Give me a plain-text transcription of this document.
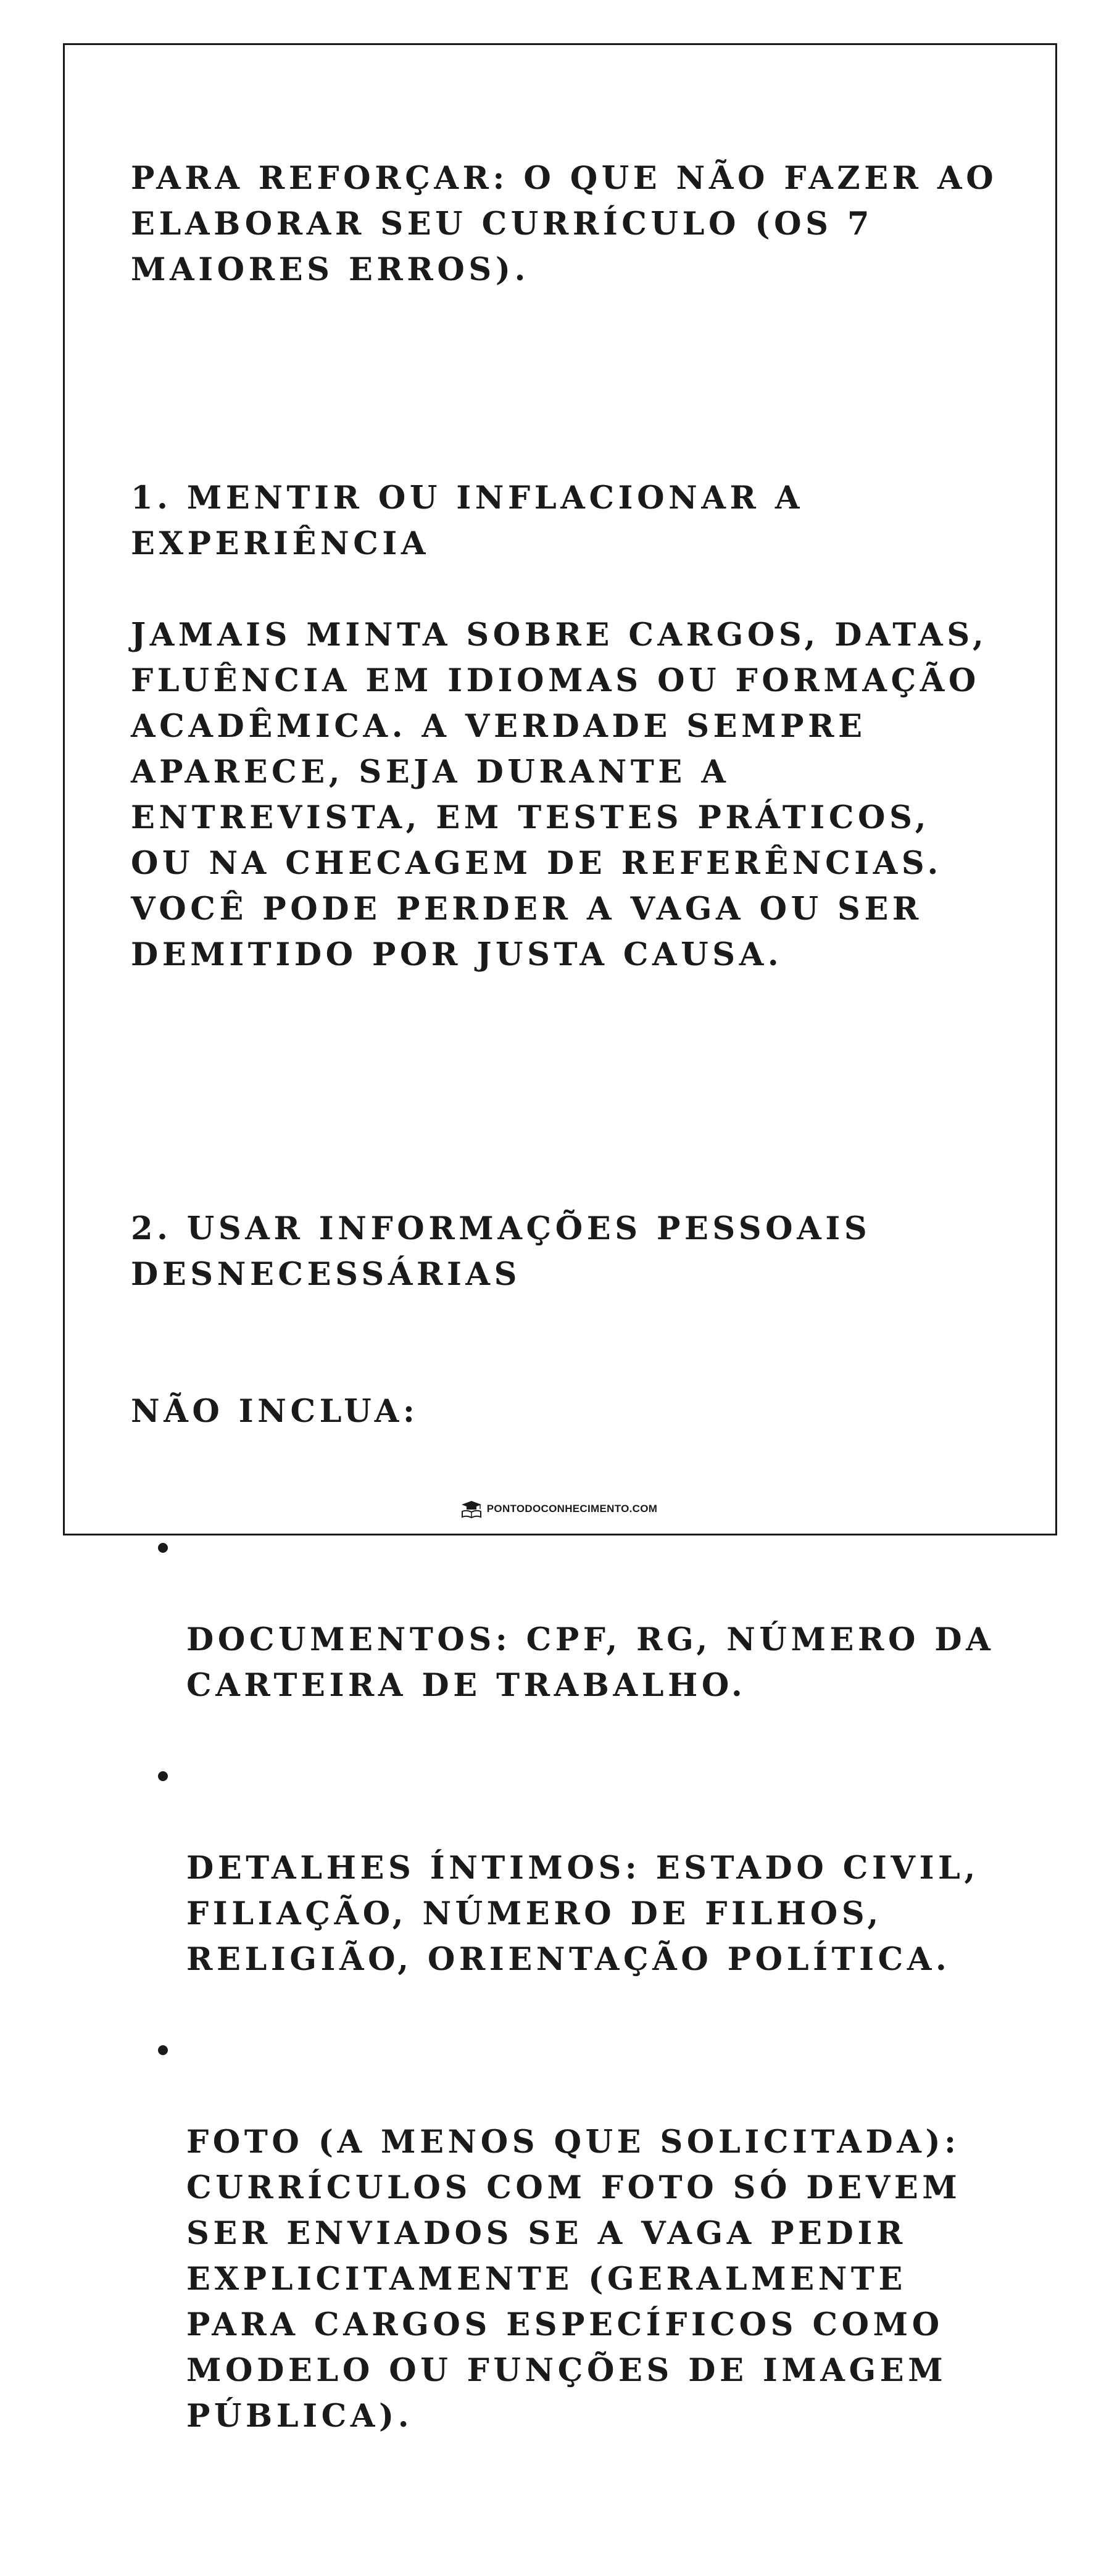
PARA REFORÇAR: O QUE NÃO FAZER AO ELABORAR SEU CURRÍCULO (OS 7 MAIORES ERROS).

1. MENTIR OU INFLACIONAR A EXPERIÊNCIA

JAMAIS MINTA SOBRE CARGOS, DATAS, FLUÊNCIA EM IDIOMAS OU FORMAÇÃO ACADÊMICA. A VERDADE SEMPRE APARECE, SEJA DURANTE A ENTREVISTA, EM TESTES PRÁTICOS, OU NA CHECAGEM DE REFERÊNCIAS. VOCÊ PODE PERDER A VAGA OU SER DEMITIDO POR JUSTA CAUSA.

2. USAR INFORMAÇÕES PESSOAIS DESNECESSÁRIAS

NÃO INCLUA:

DOCUMENTOS: CPF, RG, NÚMERO DA CARTEIRA DE TRABALHO.

DETALHES ÍNTIMOS: ESTADO CIVIL, FILIAÇÃO, NÚMERO DE FILHOS, RELIGIÃO, ORIENTAÇÃO POLÍTICA.

FOTO (A MENOS QUE SOLICITADA): CURRÍCULOS COM FOTO SÓ DEVEM SER ENVIADOS SE A VAGA PEDIR EXPLICITAMENTE (GERALMENTE PARA CARGOS ESPECÍFICOS COMO MODELO OU FUNÇÕES DE IMAGEM PÚBLICA).

PONTODOCONHECIMENTO.COM
